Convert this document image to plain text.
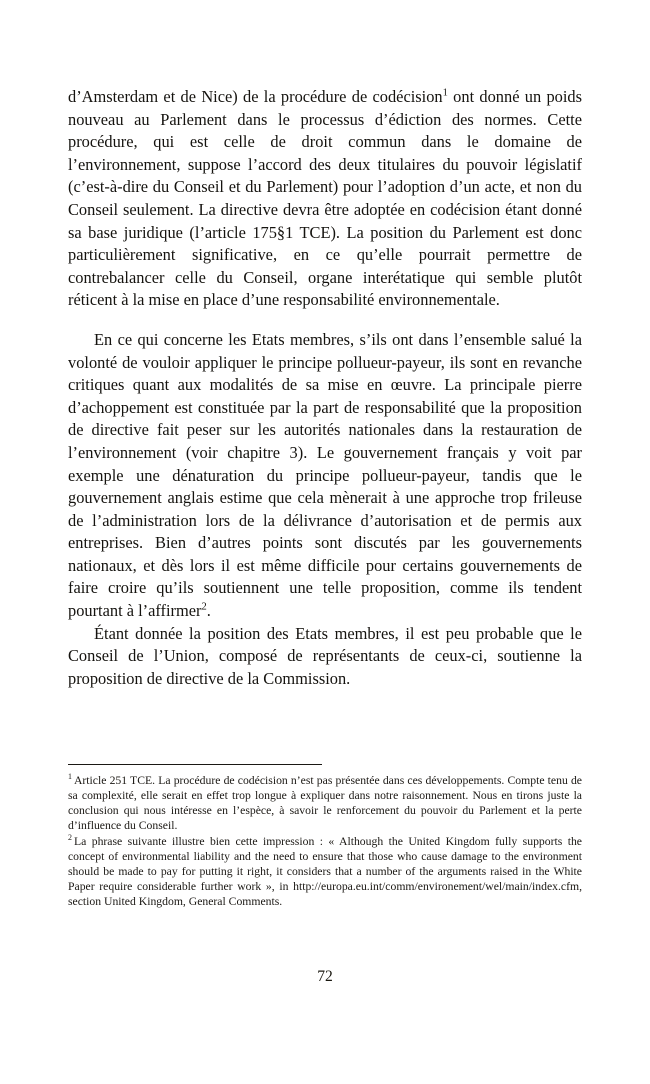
d’Amsterdam et de Nice) de la procédure de codécision$^1$ ont donné un poids nouveau au Parlement dans le processus d’édiction des normes. Cette procédure, qui est celle de droit commun dans le domaine de l’environnement, suppose l’accord des deux titulaires du pouvoir législatif (c’est-à-dire du Conseil et du Parlement) pour l’adoption d’un acte, et non du Conseil seulement. La directive devra être adoptée en codécision étant donné sa base juridique (l’article 175§1 TCE). La position du Parlement est donc particulièrement significative, en ce qu’elle pourrait permettre de contrebalancer celle du Conseil, organe interétatique qui semble plutôt réticent à la mise en place d’une responsabilité environnementale.

En ce qui concerne les Etats membres, s’ils ont dans l’ensemble salué la volonté de vouloir appliquer le principe pollueur-payeur, ils sont en revanche critiques quant aux modalités de sa mise en œuvre. La principale pierre d’achoppement est constituée par la part de responsabilité que la proposition de directive fait peser sur les autorités nationales dans la restauration de l’environnement (voir chapitre 3). Le gouvernement français y voit par exemple une dénaturation du principe pollueur-payeur, tandis que le gouvernement anglais estime que cela mènerait à une approche trop frileuse de l’administration lors de la délivrance d’autorisation et de permis aux entreprises. Bien d’autres points sont discutés par les gouvernements nationaux, et dès lors il est même difficile pour certains gouvernements de faire croire qu’ils soutiennent une telle proposition, comme ils tendent pourtant à l’affirmer$^2$.

Étant donnée la position des Etats membres, il est peu probable que le Conseil de l’Union, composé de représentants de ceux-ci, soutienne la proposition de directive de la Commission.

$^1$ Article 251 TCE. La procédure de codécision n’est pas présentée dans ces développements. Compte tenu de sa complexité, elle serait en effet trop longue à expliquer dans notre raisonnement. Nous en tirons juste la conclusion qui nous intéresse en l’espèce, à savoir le renforcement du pouvoir du Parlement et la perte d’influence du Conseil.

$^2$ La phrase suivante illustre bien cette impression : « Although the United Kingdom fully supports the concept of environmental liability and the need to ensure that those who cause damage to the environment should be made to pay for putting it right, it considers that a number of the arguments raised in the White Paper require considerable further work », in http://europa.eu.int/comm/environement/wel/main/index.cfm, section United Kingdom, General Comments.

72
